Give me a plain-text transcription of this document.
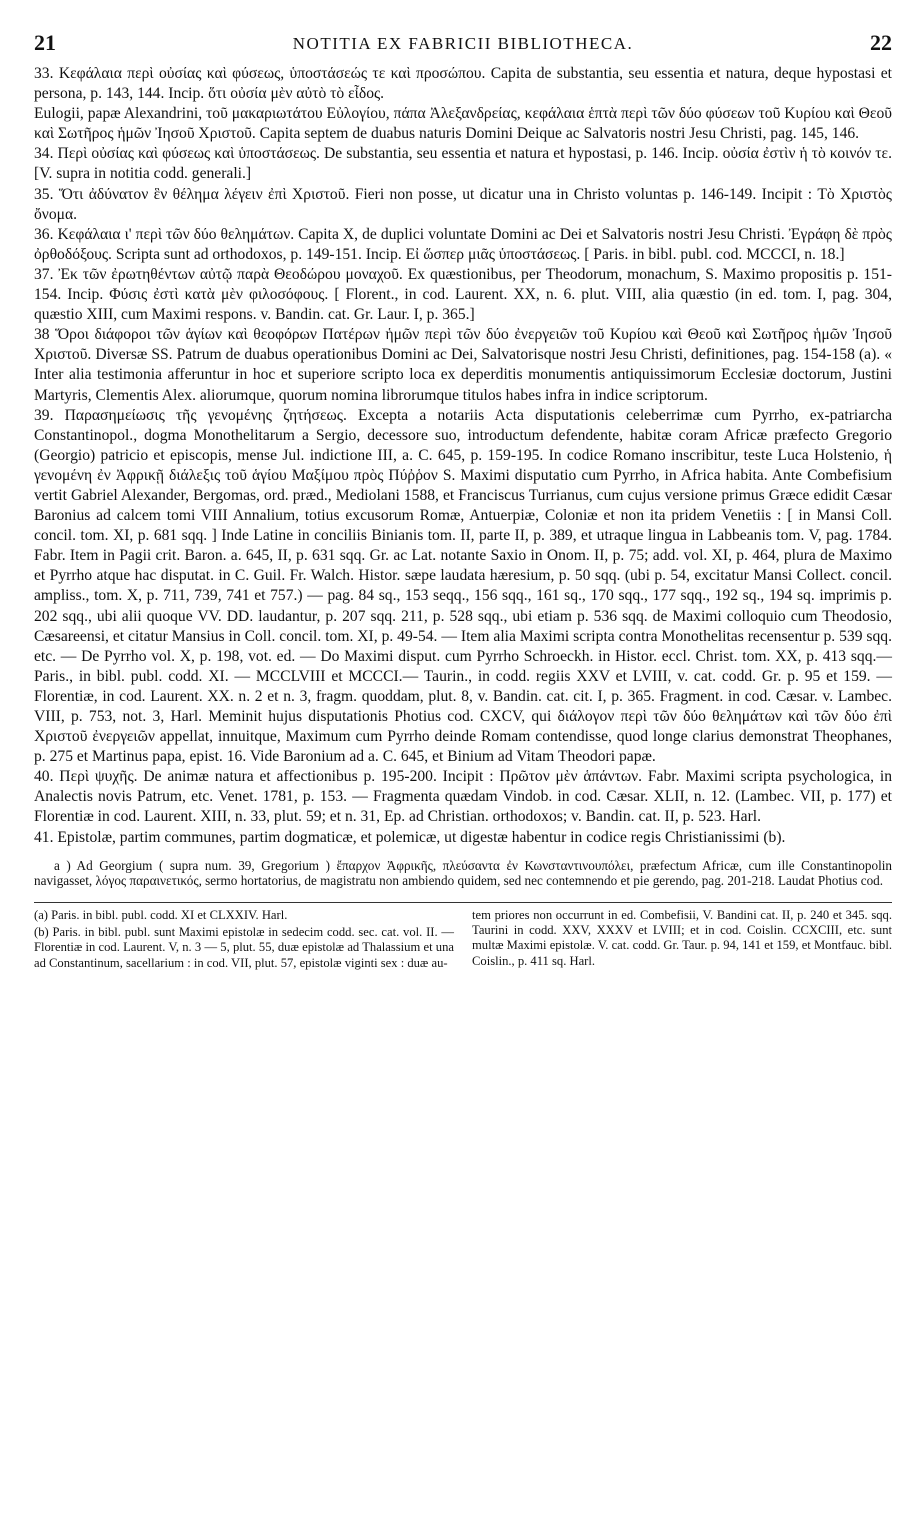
21	NOTITIA EX FABRICII BIBLIOTHECA.	22

33. Κεφάλαια περὶ οὐσίας καὶ φύσεως, ὑποστάσεώς τε καὶ προσώπου. Capita de substantia, seu essentia et natura, deque hypostasi et persona, p. 143, 144. Incip. ὅτι οὐσία μὲν αὐτὸ τὸ εἶδος.

Eulogii, papæ Alexandrini, τοῦ μακαριωτάτου Εὐλογίου, πάπα Ἀλεξανδρείας, κεφάλαια ἑπτὰ περὶ τῶν δύο φύσεων τοῦ Κυρίου καὶ Θεοῦ καὶ Σωτῆρος ἡμῶν Ἰησοῦ Χριστοῦ. Capita septem de duabus naturis Domini Deique ac Salvatoris nostri Jesu Christi, pag. 145, 146.

34. Περὶ οὐσίας καὶ φύσεως καὶ ὑποστάσεως. De substantia, seu essentia et natura et hypostasi, p. 146. Incip. οὐσία ἐστὶν ἡ τὸ κοινόν τε. [V. supra in notitia codd. generali.]

35. Ὅτι ἀδύνατον ἓν θέλημα λέγειν ἐπὶ Χριστοῦ. Fieri non posse, ut dicatur una in Christo voluntas p. 146-149. Incipit : Τὸ Χριστὸς ὄνομα.

36. Κεφάλαια ι' περὶ τῶν δύο θελημάτων. Capita X, de duplici voluntate Domini ac Dei et Salvatoris nostri Jesu Christi. Ἐγράφη δὲ πρὸς ὀρθοδόξους. Scripta sunt ad orthodoxos, p. 149-151. Incip. Εἰ ὥσπερ μιᾶς ὑποστάσεως. [ Paris. in bibl. publ. cod. MCCCI, n. 18.]

37. Ἐκ τῶν ἐρωτηθέντων αὐτῷ παρὰ Θεοδώρου μοναχοῦ. Ex quæstionibus, per Theodorum, monachum, S. Maximo propositis p. 151-154. Incip. Φύσις ἐστὶ κατὰ μὲν φιλοσόφους. [ Florent., in cod. Laurent. XX, n. 6. plut. VIII, alia quæstio (in ed. tom. I, pag. 304, quæstio XIII, cum Maximi respons. v. Bandin. cat. Gr. Laur. I, p. 365.]

38 Ὅροι διάφοροι τῶν ἁγίων καὶ θεοφόρων Πατέρων ἡμῶν περὶ τῶν δύο ἐνεργειῶν τοῦ Κυρίου καὶ Θεοῦ καὶ Σωτῆρος ἡμῶν Ἰησοῦ Χριστοῦ. Diversæ SS. Patrum de duabus operationibus Domini ac Dei, Salvatorisque nostri Jesu Christi, definitiones, pag. 154-158 (a). « Inter alia testimonia afferuntur in hoc et superiore scripto loca ex deperditis monumentis antiquissimorum Ecclesiæ doctorum, Justini Martyris, Clementis Alex. aliorumque, quorum nomina librorumque titulos habes infra in indice scriptorum.

39. Παρασημείωσις τῆς γενομένης ζητήσεως. Excepta a notariis Acta disputationis celeberrimæ cum Pyrrho, ex-patriarcha Constantinopol., dogma Monothelitarum a Sergio, decessore suo, introductum defendente, habitæ coram Africæ præfecto Gregorio (Georgio) patricio et episcopis, mense Jul. indictione III, a. C. 645, p. 159-195. In codice Romano inscribitur, teste Luca Holstenio, ἡ γενομένη ἐν Ἀφρικῇ διάλεξις τοῦ ἁγίου Μαξίμου πρὸς Πύῤῥον S. Maximi disputatio cum Pyrrho, in Africa habita. Ante Combefisium vertit Gabriel Alexander, Bergomas, ord. præd., Mediolani 1588, et Franciscus Turrianus, cum cujus versione primus Græce edidit Cæsar Baronius ad calcem tomi VIII Annalium, totius excusorum Romæ, Antuerpiæ, Coloniæ et non ita pridem Venetiis : [ in Mansi Coll. concil. tom. XI, p. 681 sqq. ] Inde Latine in conciliis Binianis tom. II, parte II, p. 389, et utraque lingua in Labbeanis tom. V, pag. 1784. Fabr. Item in Pagii crit. Baron. a. 645, II, p. 631 sqq. Gr. ac Lat. notante Saxio in Onom. II, p. 75; add. vol. XI, p. 464, plura de Maximo et Pyrrho atque hac disputat. in C. Guil. Fr. Walch. Histor. sæpe laudata hæresium, p. 50 sqq. (ubi p. 54, excitatur Mansi Collect. concil. ampliss., tom. X, p. 711, 739, 741 et 757.) — pag. 84 sq., 153 seqq., 156 sqq., 161 sq., 170 sqq., 177 sqq., 192 sq., 194 sq. imprimis p. 202 sqq., ubi alii quoque VV. DD. laudantur, p. 207 sqq. 211, p. 528 sqq., ubi etiam p. 536 sqq. de Maximi colloquio cum Theodosio, Cæsareensi, et citatur Mansius in Coll. concil. tom. XI, p. 49-54. — Item alia Maximi scripta contra Monothelitas recensentur p. 539 sqq. etc. — De Pyrrho vol. X, p. 198, vot. ed. — Do Maximi disput. cum Pyrrho Schroeckh. in Histor. eccl. Christ. tom. XX, p. 413 sqq.— Paris., in bibl. publ. codd. XI. — MCCLVIII et MCCCI.— Taurin., in codd. regiis XXV et LVIII, v. cat. codd. Gr. p. 95 et 159. — Florentiæ, in cod. Laurent. XX. n. 2 et n. 3, fragm. quoddam, plut. 8, v. Bandin. cat. cit. I, p. 365. Fragment. in cod. Cæsar. v. Lambec. VIII, p. 753, not. 3, Harl. Meminit hujus disputationis Photius cod. CXCV, qui διάλογον περὶ τῶν δύο θελημάτων καὶ τῶν δύο ἐπὶ Χριστοῦ ἐνεργειῶν appellat, innuitque, Maximum cum Pyrrho deinde Romam contendisse, quod longe clarius demonstrat Theophanes, p. 275 et Martinus papa, epist. 16. Vide Baronium ad a. C. 645, et Binium ad Vitam Theodori papæ.

40. Περὶ ψυχῆς. De animæ natura et affectionibus p. 195-200. Incipit : Πρῶτον μὲν ἁπάντων. Fabr. Maximi scripta psychologica, in Analectis novis Patrum, etc. Venet. 1781, p. 153. — Fragmenta quædam Vindob. in cod. Cæsar. XLII, n. 12. (Lambec. VII, p. 177) et Florentiæ in cod. Laurent. XIII, n. 33, plut. 59; et n. 31, Ep. ad Christian. orthodoxos; v. Bandin. cat. II, p. 523. Harl.

41. Epistolæ, partim communes, partim dogmaticæ, et polemicæ, ut digestæ habentur in codice regis Christianissimi (b).

a ) Ad Georgium ( supra num. 39, Gregorium ) ἔπαρχον Ἀφρικῆς, πλεύσαντα ἐν Κωνσταντινουπόλει, præfectum Africæ, cum ille Constantinopolin navigasset, λόγος παραινετικός, sermo hortatorius, de magistratu non ambiendo quidem, sed nec contemnendo et pie gerendo, pag. 201-218. Laudat Photius cod.

(a) Paris. in bibl. publ. codd. XI et CLXXIV. Harl.

(b) Paris. in bibl. publ. sunt Maximi epistolæ in sedecim codd. sec. cat. vol. II. — Florentiæ in cod. Laurent. V, n. 3 — 5, plut. 55, duæ epistolæ ad Thalassium et una ad Constantinum, sacellarium : in cod. VII, plut. 57, epistolæ viginti sex : duæ au-

tem priores non occurrunt in ed. Combefisii, V. Bandini cat. II, p. 240 et 345. sqq. Taurini in codd. XXV, XXXV et LVIII; et in cod. Coislin. CCXCIII, etc. sunt multæ Maximi epistolæ. V. cat. codd. Gr. Taur. p. 94, 141 et 159, et Montfauc. bibl. Coislin., p. 411 sq. Harl.
